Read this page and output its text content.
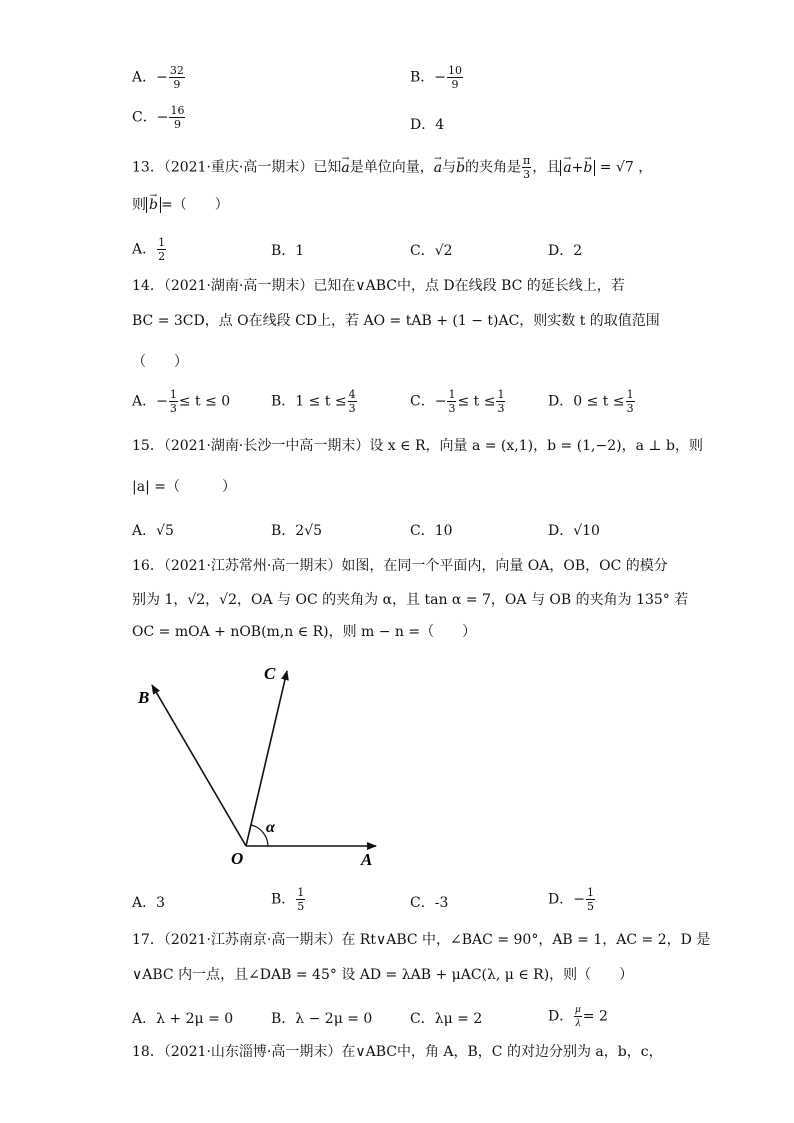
A．− $\frac{32}{9}$	B．− $\frac{10}{9}$
C．− $\frac{16}{9}$	D．4
13．（2021·重庆·高一期末）已知→ a是单位向量，→ a与→ b的夹角是 $\frac{\pi}{3}$ ，且 → a+→ b = √7 ，
则 → b =（　　）
A． $\frac{1}{2}$	B．1	C．√2	D．2
14．（2021·湖南·高一期末）已知在∨ABC中，点 D在线段 BC 的延长线上，若
BC = 3CD，点 O在线段 CD上，若 AO = tAB + (1 − t)AC，则实数 t 的取值范围
（　　）
A．− $\frac{1}{3} \le t \le 0$	B．$1 \le t \le \frac{4}{3}$	C．− $\frac{1}{3} \le t \le \frac{1}{3}$	D．$0 \le t \le \frac{1}{3}$
15．（2021·湖南·长沙一中高一期末）设 x ∈ R，向量 a = (x,1)，b = (1,−2)，a ⊥ b，则
|a| =（　　　）
A．√5	B．2√5	C．10	D．√10
16．（2021·江苏常州·高一期末）如图，在同一个平面内，向量 OA，OB，OC 的模分
别为 1，√2，√2，OA 与 OC 的夹角为 α，且 tan α = 7，OA 与 OB 的夹角为 135° 若
OC = mOA + nOB(m,n ∈ R)，则 m − n =（　　）
O	A
B
C
α
A．3	B． $\frac{1}{5}$	C．-3	D．− $\frac{1}{5}$
17．（2021·江苏南京·高一期末）在 Rt∨ABC 中，∠BAC = 90°，AB = 1，AC = 2，D 是
∨ABC 内一点，且∠DAB = 45° 设 AD = λAB + μAC(λ, μ ∈ R)，则（　　）
A．λ + 2μ = 0	B．λ − 2μ = 0	C．λμ = 2	D． $\frac{\mu}{\lambda} = 2$
18．（2021·山东淄博·高一期末）在∨ABC中，角 A，B，C 的对边分别为 a，b，c，
